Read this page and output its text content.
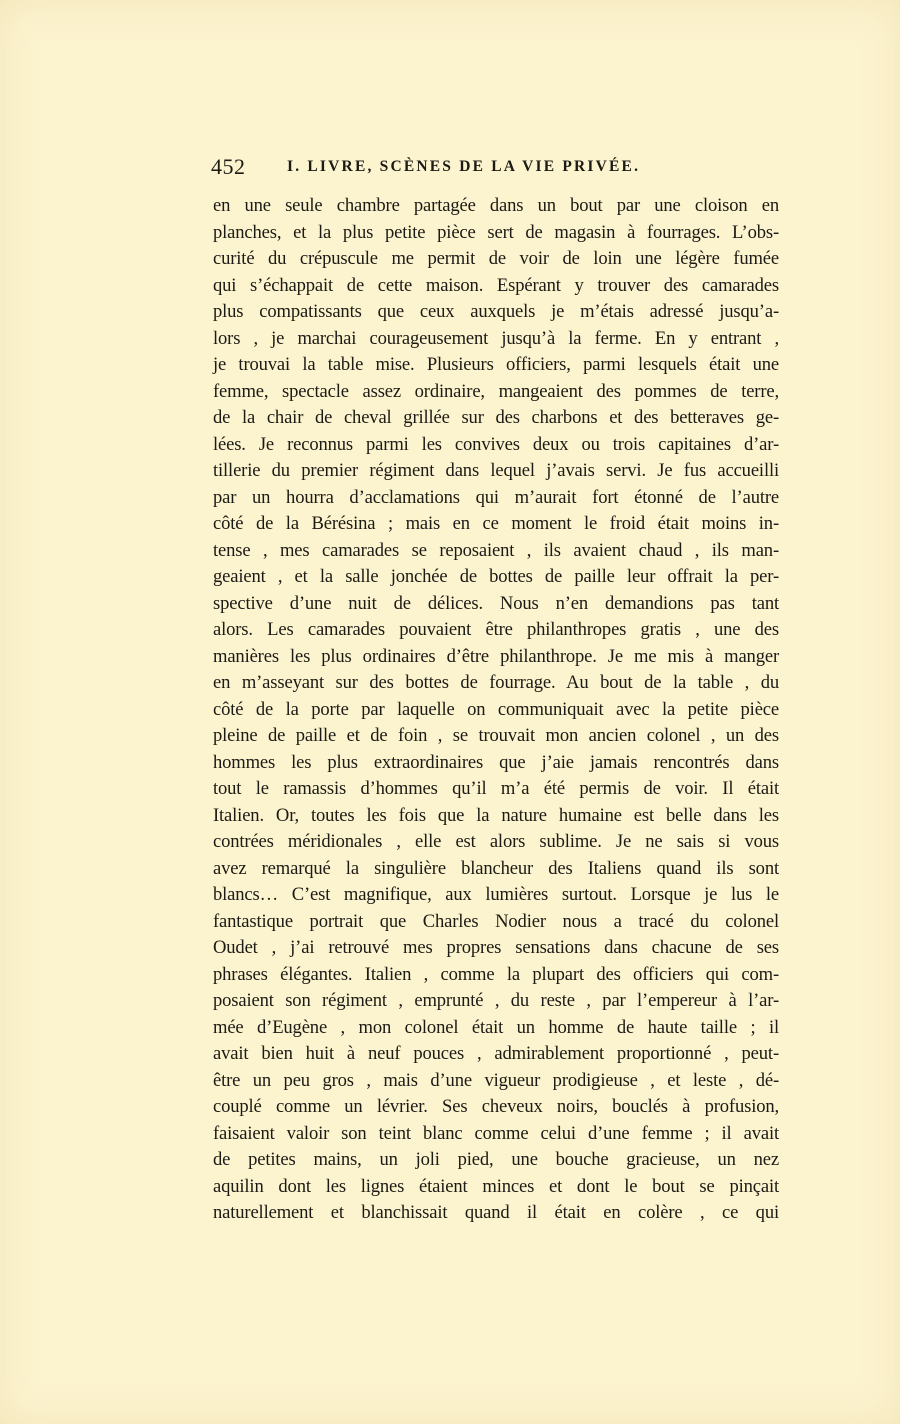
452	I. LIVRE, SCÈNES DE LA VIE PRIVÉE.
en une seule chambre partagée dans un bout par une cloison en
planches, et la plus petite pièce sert de magasin à fourrages. L’obs-
curité du crépuscule me permit de voir de loin une légère fumée
qui s’échappait de cette maison. Espérant y trouver des camarades
plus compatissants que ceux auxquels je m’étais adressé jusqu’a-
lors , je marchai courageusement jusqu’à la ferme. En y entrant ,
je trouvai la table mise. Plusieurs officiers, parmi lesquels était une
femme, spectacle assez ordinaire, mangeaient des pommes de terre,
de la chair de cheval grillée sur des charbons et des betteraves ge-
lées. Je reconnus parmi les convives deux ou trois capitaines d’ar-
tillerie du premier régiment dans lequel j’avais servi. Je fus accueilli
par un hourra d’acclamations qui m’aurait fort étonné de l’autre
côté de la Bérésina ; mais en ce moment le froid était moins in-
tense , mes camarades se reposaient , ils avaient chaud , ils man-
geaient , et la salle jonchée de bottes de paille leur offrait la per-
spective d’une nuit de délices. Nous n’en demandions pas tant
alors. Les camarades pouvaient être philanthropes gratis , une des
manières les plus ordinaires d’être philanthrope. Je me mis à manger
en m’asseyant sur des bottes de fourrage. Au bout de la table , du
côté de la porte par laquelle on communiquait avec la petite pièce
pleine de paille et de foin , se trouvait mon ancien colonel , un des
hommes les plus extraordinaires que j’aie jamais rencontrés dans
tout le ramassis d’hommes qu’il m’a été permis de voir. Il était
Italien. Or, toutes les fois que la nature humaine est belle dans les
contrées méridionales , elle est alors sublime. Je ne sais si vous
avez remarqué la singulière blancheur des Italiens quand ils sont
blancs… C’est magnifique, aux lumières surtout. Lorsque je lus le
fantastique portrait que Charles Nodier nous a tracé du colonel
Oudet , j’ai retrouvé mes propres sensations dans chacune de ses
phrases élégantes. Italien , comme la plupart des officiers qui com-
posaient son régiment , emprunté , du reste , par l’empereur à l’ar-
mée d’Eugène , mon colonel était un homme de haute taille ; il
avait bien huit à neuf pouces , admirablement proportionné , peut-
être un peu gros , mais d’une vigueur prodigieuse , et leste , dé-
couplé comme un lévrier. Ses cheveux noirs, bouclés à profusion,
faisaient valoir son teint blanc comme celui d’une femme ; il avait
de petites mains, un joli pied, une bouche gracieuse, un nez
aquilin dont les lignes étaient minces et dont le bout se pinçait
naturellement et blanchissait quand il était en colère , ce qui
